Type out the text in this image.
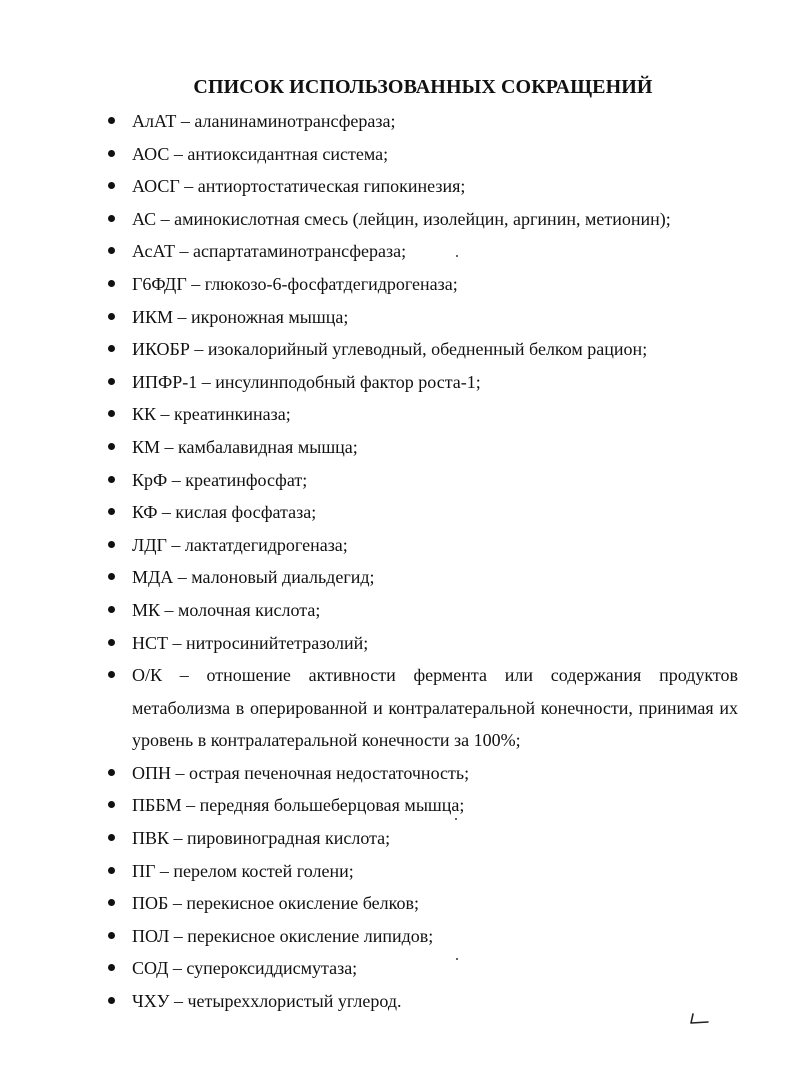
СПИСОК ИСПОЛЬЗОВАННЫХ СОКРАЩЕНИЙ
АлАТ – аланинаминотрансфераза;
АОС – антиоксидантная система;
АОСГ – антиортостатическая гипокинезия;
АС – аминокислотная смесь (лейцин, изолейцин, аргинин, метионин);
АсАТ – аспартатаминотрансфераза;
Г6ФДГ – глюкозо-6-фосфатдегидрогеназа;
ИКМ – икроножная мышца;
ИКОБР – изокалорийный углеводный, обедненный белком рацион;
ИПФР-1 – инсулинподобный фактор роста-1;
КК – креатинкиназа;
КМ – камбалавидная мышца;
КрФ – креатинфосфат;
КФ – кислая фосфатаза;
ЛДГ – лактатдегидрогеназа;
МДА – малоновый диальдегид;
МК – молочная кислота;
НСТ – нитросинийтетразолий;
О/К – отношение активности фермента или содержания продуктов метаболизма в оперированной и контралатеральной конечности, принимая их уровень в контралатеральной конечности за 100%;
ОПН – острая печеночная недостаточность;
ПББМ – передняя большеберцовая мышца;
ПВК – пировиноградная кислота;
ПГ – перелом костей голени;
ПОБ – перекисное окисление белков;
ПОЛ – перекисное окисление липидов;
СОД – супероксиддисмутаза;
ЧХУ – четыреххлористый углерод.
